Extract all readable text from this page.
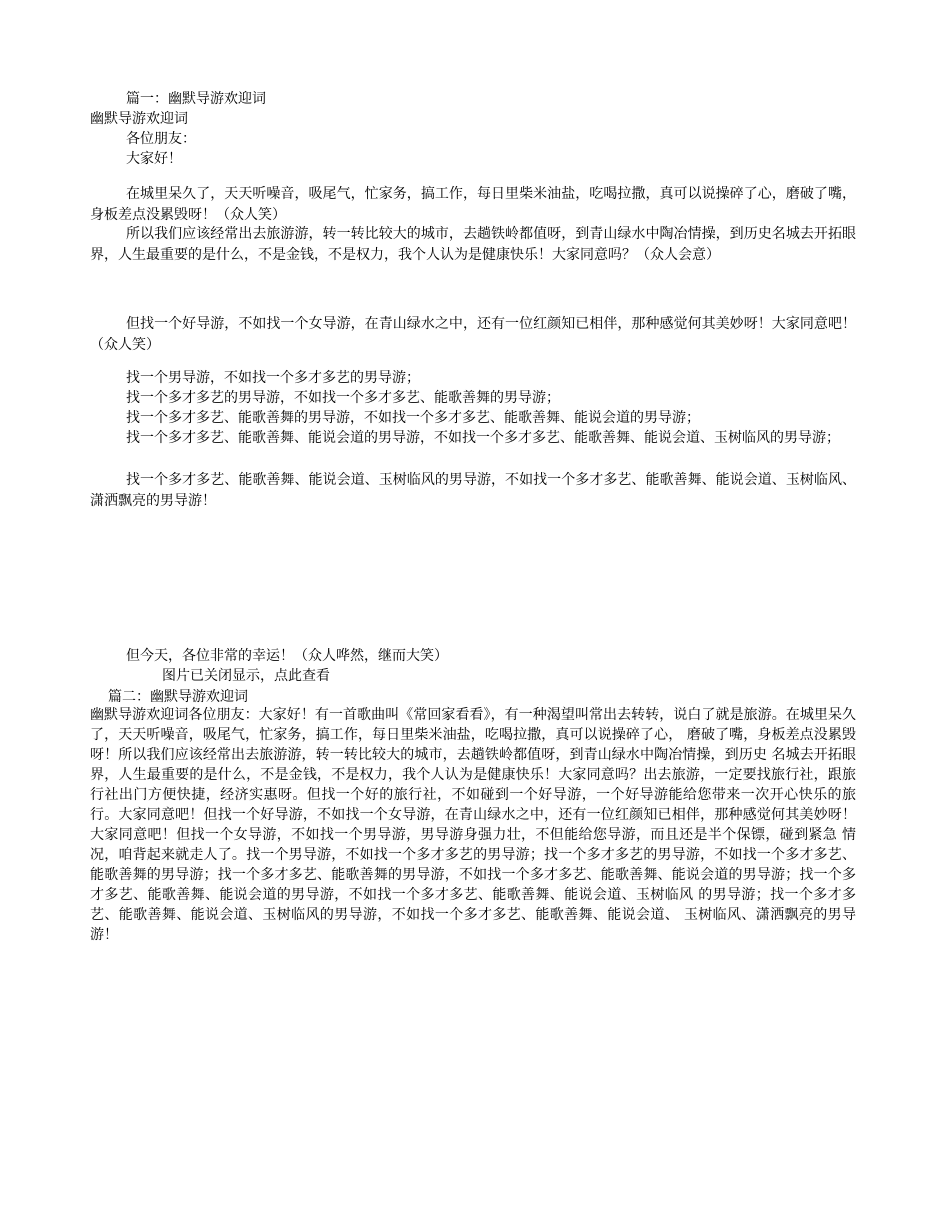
篇一：幽默导游欢迎词
幽默导游欢迎词
各位朋友：
大家好！
在城里呆久了，天天听噪音，吸尾气，忙家务，搞工作，每日里柴米油盐，吃喝拉撒，真可以说操碎了心，磨破了嘴，身板差点没累毁呀！（众人笑）
所以我们应该经常出去旅游游，转一转比较大的城市，去趟铁岭都值呀，到青山绿水中陶冶情操，到历史名城去开拓眼界，人生最重要的是什么，不是金钱，不是权力，我个人认为是健康快乐！大家同意吗？（众人会意）
但找一个好导游，不如找一个女导游，在青山绿水之中，还有一位红颜知已相伴，那种感觉何其美妙呀！大家同意吧！（众人笑）
找一个男导游，不如找一个多才多艺的男导游；
找一个多才多艺的男导游，不如找一个多才多艺、能歌善舞的男导游；
找一个多才多艺、能歌善舞的男导游，不如找一个多才多艺、能歌善舞、能说会道的男导游；
找一个多才多艺、能歌善舞、能说会道的男导游，不如找一个多才多艺、能歌善舞、能说会道、玉树临风的男导游；
找一个多才多艺、能歌善舞、能说会道、玉树临风的男导游，不如找一个多才多艺、能歌善舞、能说会道、玉树临风、潇洒飘亮的男导游！
但今天，各位非常的幸运！（众人哗然，继而大笑）
图片已关闭显示，点此查看
篇二：幽默导游欢迎词
幽默导游欢迎词各位朋友：大家好！有一首歌曲叫《常回家看看》，有一种渴望叫常出去转转，说白了就是旅游。在城里呆久了，天天听噪音，吸尾气，忙家务，搞工作，每日里柴米油盐，吃喝拉撒，真可以说操碎了心， 磨破了嘴，身板差点没累毁呀！所以我们应该经常出去旅游游，转一转比较大的城市，去趟铁岭都值呀，到青山绿水中陶冶情操，到历史 名城去开拓眼界，人生最重要的是什么，不是金钱，不是权力，我个人认为是健康快乐！大家同意吗？出去旅游，一定要找旅行社，跟旅行社出门方便快捷，经济实惠呀。但找一个好的旅行社，不如碰到一个好导游，一个好导游能给您带来一次开心快乐的旅行。大家同意吧！但找一个好导游，不如找一个女导游，在青山绿水之中，还有一位红颜知已相伴，那种感觉何其美妙呀！ 大家同意吧！但找一个女导游，不如找一个男导游，男导游身强力壮，不但能给您导游，而且还是半个保镖，碰到紧急 情况，咱背起来就走人了。找一个男导游，不如找一个多才多艺的男导游；找一个多才多艺的男导游，不如找一个多才多艺、能歌善舞的男导游；找一个多才多艺、能歌善舞的男导游，不如找一个多才多艺、能歌善舞、能说会道的男导游；找一个多才多艺、能歌善舞、能说会道的男导游，不如找一个多才多艺、能歌善舞、能说会道、玉树临风 的男导游；找一个多才多艺、能歌善舞、能说会道、玉树临风的男导游，不如找一个多才多艺、能歌善舞、能说会道、 玉树临风、潇洒飘亮的男导游！
